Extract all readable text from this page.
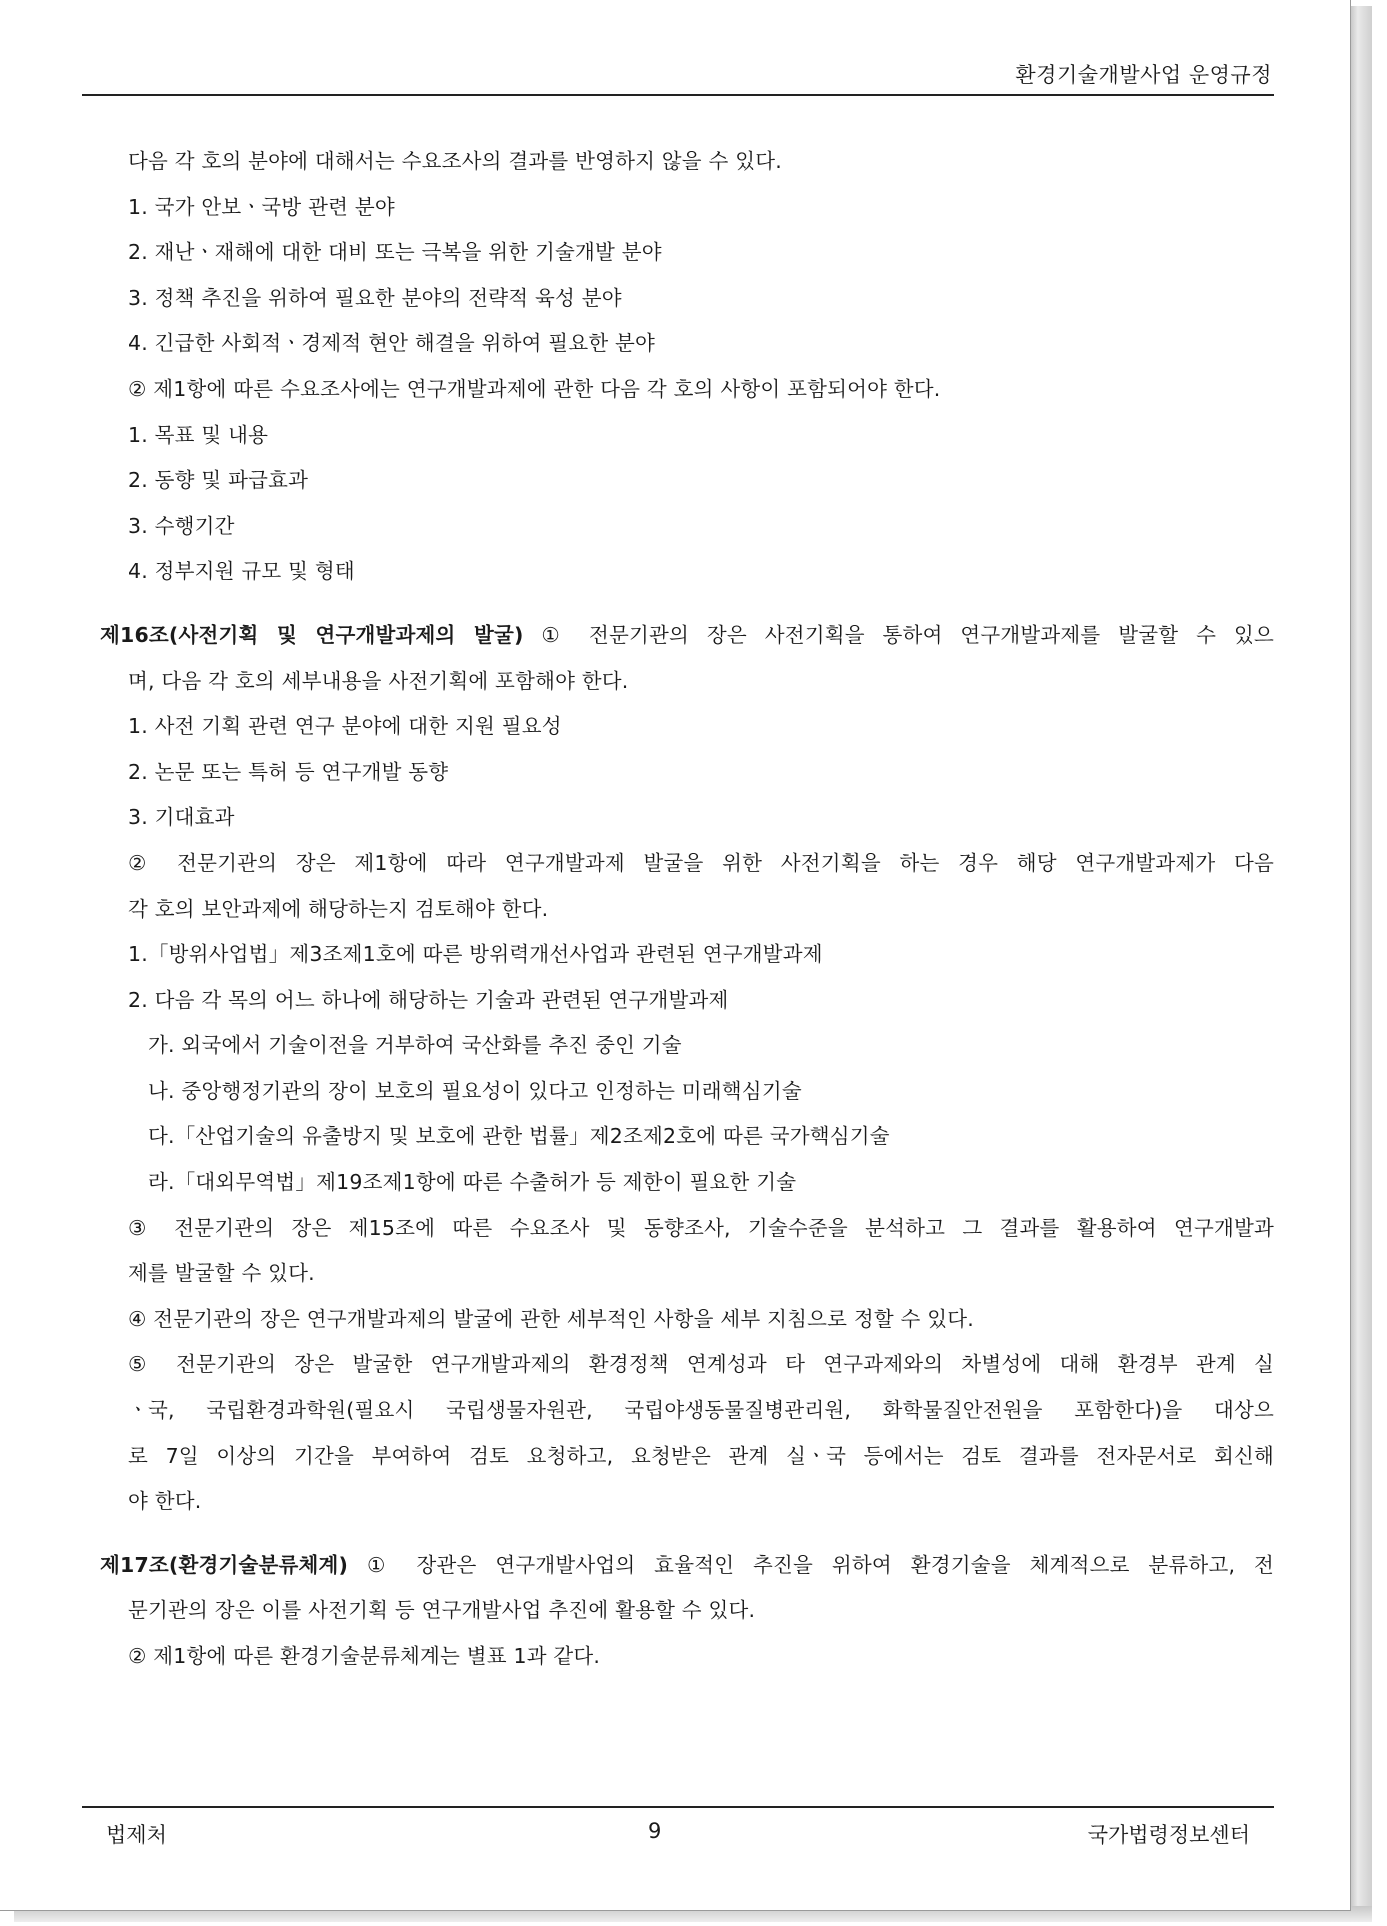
환경기술개발사업 운영규정
다음 각 호의 분야에 대해서는 수요조사의 결과를 반영하지 않을 수 있다.
1. 국가 안보ㆍ국방 관련 분야
2. 재난ㆍ재해에 대한 대비 또는 극복을 위한 기술개발 분야
3. 정책 추진을 위하여 필요한 분야의 전략적 육성 분야
4. 긴급한 사회적ㆍ경제적 현안 해결을 위하여 필요한 분야
② 제1항에 따른 수요조사에는 연구개발과제에 관한 다음 각 호의 사항이 포함되어야 한다.
1. 목표 및 내용
2. 동향 및 파급효과
3. 수행기간
4. 정부지원 규모 및 형태
제16조(사전기획 및 연구개발과제의 발굴) ① 전문기관의 장은 사전기획을 통하여 연구개발과제를 발굴할 수 있으
며, 다음 각 호의 세부내용을 사전기획에 포함해야 한다.
1. 사전 기획 관련 연구 분야에 대한 지원 필요성
2. 논문 또는 특허 등 연구개발 동향
3. 기대효과
② 전문기관의 장은 제1항에 따라 연구개발과제 발굴을 위한 사전기획을 하는 경우 해당 연구개발과제가 다음
각 호의 보안과제에 해당하는지 검토해야 한다.
1.「방위사업법」제3조제1호에 따른 방위력개선사업과 관련된 연구개발과제
2. 다음 각 목의 어느 하나에 해당하는 기술과 관련된 연구개발과제
가. 외국에서 기술이전을 거부하여 국산화를 추진 중인 기술
나. 중앙행정기관의 장이 보호의 필요성이 있다고 인정하는 미래핵심기술
다.「산업기술의 유출방지 및 보호에 관한 법률」제2조제2호에 따른 국가핵심기술
라.「대외무역법」제19조제1항에 따른 수출허가 등 제한이 필요한 기술
③ 전문기관의 장은 제15조에 따른 수요조사 및 동향조사, 기술수준을 분석하고 그 결과를 활용하여 연구개발과
제를 발굴할 수 있다.
④ 전문기관의 장은 연구개발과제의 발굴에 관한 세부적인 사항을 세부 지침으로 정할 수 있다.
⑤ 전문기관의 장은 발굴한 연구개발과제의 환경정책 연계성과 타 연구과제와의 차별성에 대해 환경부 관계 실
ㆍ국, 국립환경과학원(필요시 국립생물자원관, 국립야생동물질병관리원, 화학물질안전원을 포함한다)을 대상으
로 7일 이상의 기간을 부여하여 검토 요청하고, 요청받은 관계 실ㆍ국 등에서는 검토 결과를 전자문서로 회신해
야 한다.
제17조(환경기술분류체계) ① 장관은 연구개발사업의 효율적인 추진을 위하여 환경기술을 체계적으로 분류하고, 전
문기관의 장은 이를 사전기획 등 연구개발사업 추진에 활용할 수 있다.
② 제1항에 따른 환경기술분류체계는 별표 1과 같다.
법제처	9	국가법령정보센터
